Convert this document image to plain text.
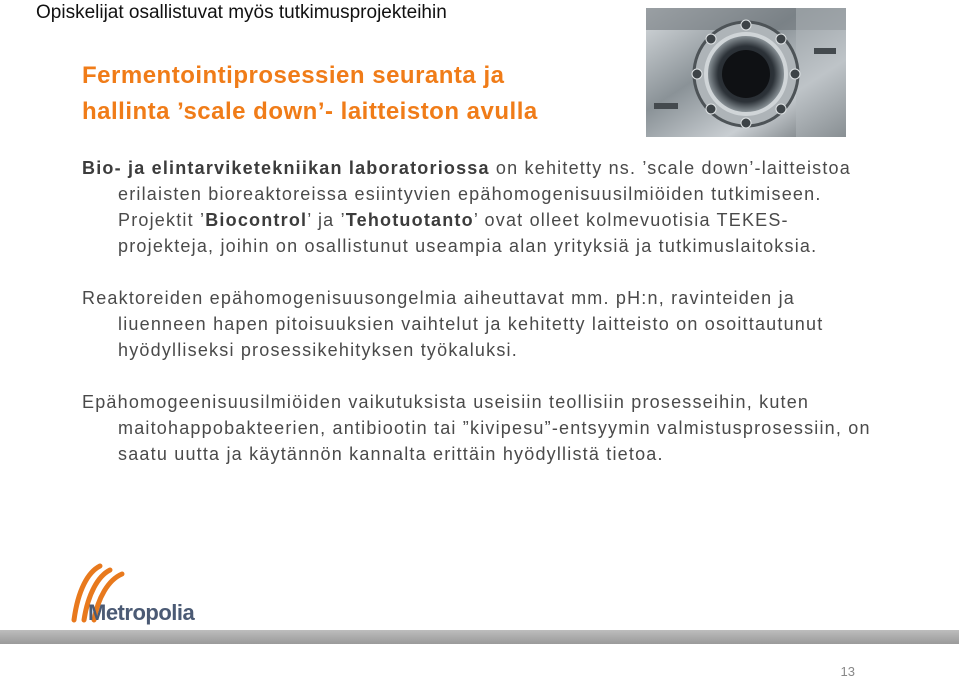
Opiskelijat osallistuvat myös tutkimusprojekteihin
Fermentointiprosessien seuranta ja
hallinta ’scale down’- laitteiston avulla

Bio- ja elintarviketekniikan laboratoriossa on kehitetty ns. ’scale down’-laitteistoa erilaisten bioreaktoreissa esiintyvien epähomogenisuusilmiöiden tutkimiseen. Projektit ’Biocontrol’ ja ’Tehotuotanto’ ovat olleet kolmevuotisia TEKES-projekteja, joihin on osallistunut useampia alan yrityksiä ja tutkimuslaitoksia.

Reaktoreiden epähomogenisuusongelmia aiheuttavat mm. pH:n, ravinteiden ja liuenneen hapen pitoisuuksien vaihtelut ja kehitetty laitteisto on osoittautunut hyödylliseksi prosessikehityksen työkaluksi.

Epähomogeenisuusilmiöiden vaikutuksista useisiin teollisiin prosesseihin, kuten maitohappobakteerien, antibiootin tai ”kivipesu”-entsyymin valmistusprosessiin, on saatu uutta ja käytännön kannalta erittäin hyödyllistä tietoa.

Metropolia
13
